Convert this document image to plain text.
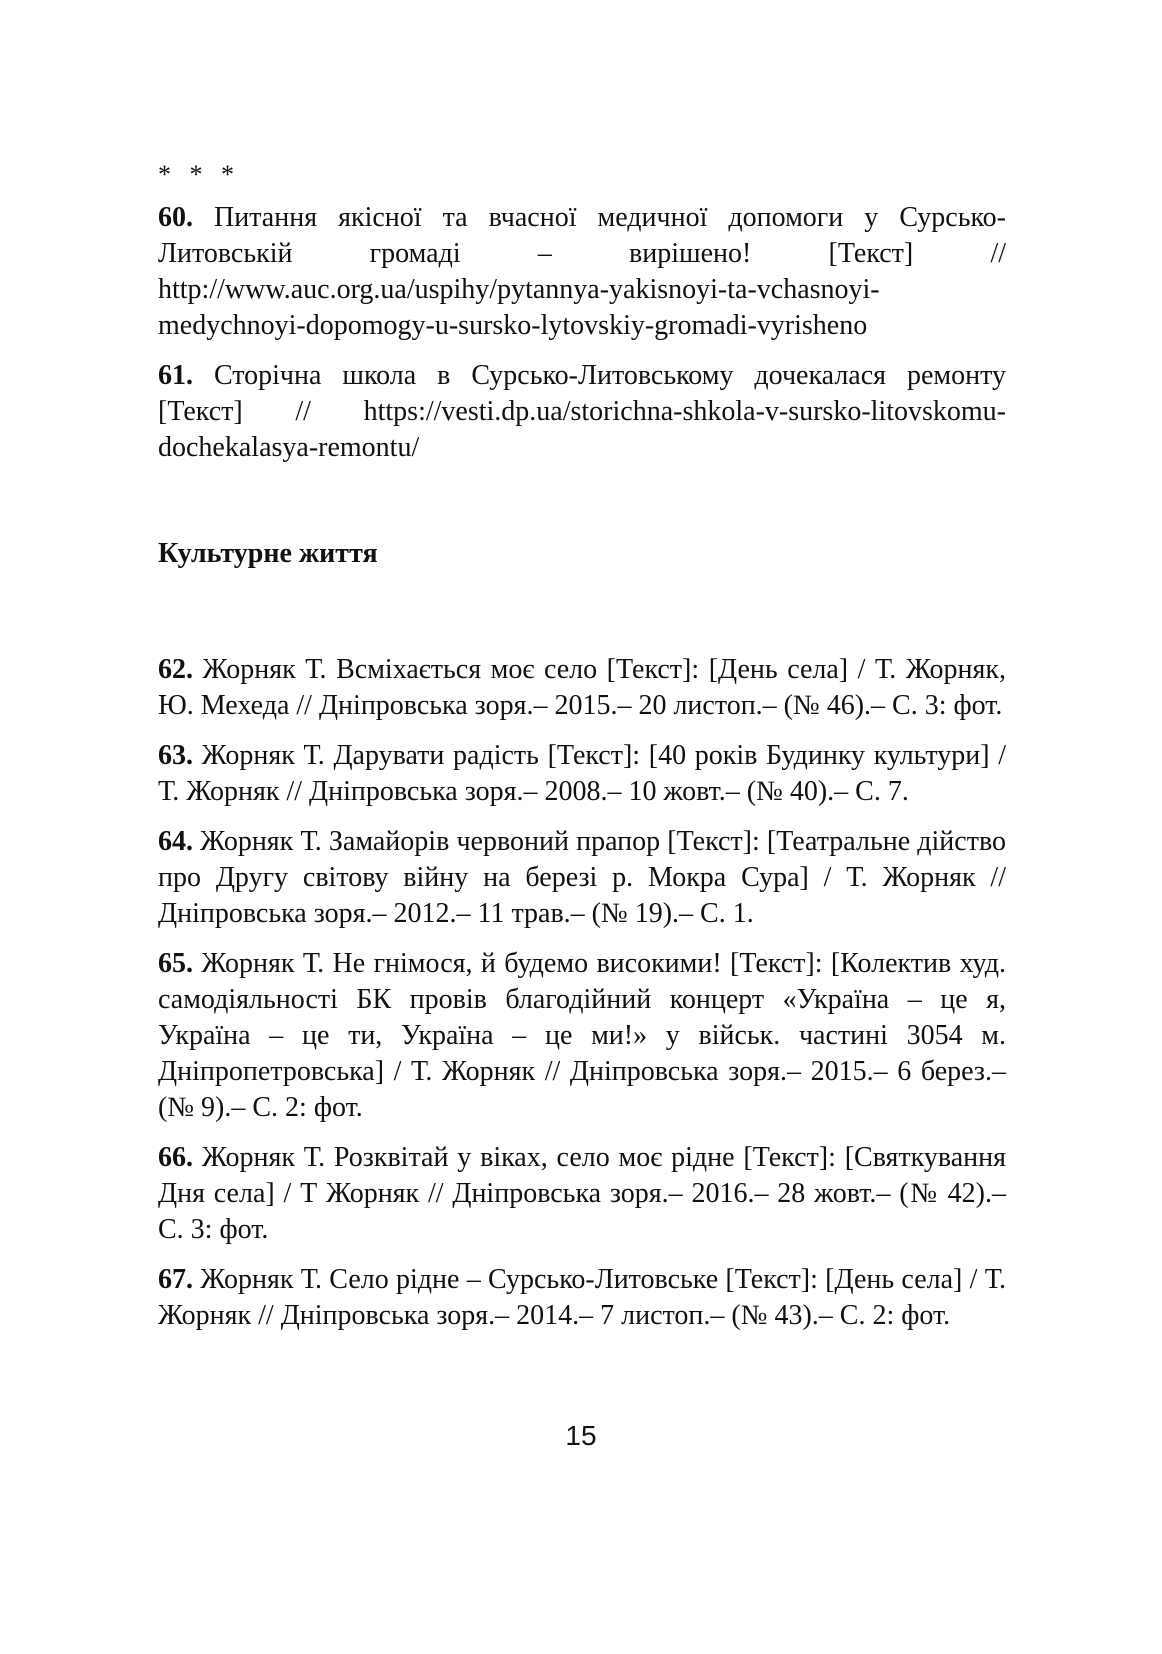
* * *

60. Питання якісної та вчасної медичної допомоги у Сурсько-Литовській громаді – вирішено! [Текст] // http://www.auc.org.ua/uspihy/pytannya-yakisnoyi-ta-vchasnoyi-medychnoyi-dopomogy-u-sursko-lytovskiy-gromadi-vyrisheno

61. Сторічна школа в Сурсько-Литовському дочекалася ремонту [Текст] // https://vesti.dp.ua/storichna-shkola-v-sursko-litovskomu-dochekalasya-remontu/

Культурне життя

62. Жорняк Т. Всміхається моє село [Текст]: [День села] / Т. Жорняк, Ю. Мехеда // Дніпровська зоря.– 2015.– 20 листоп.– (№ 46).– С. 3: фот.

63. Жорняк Т. Дарувати радість [Текст]: [40 років Будинку культури] / Т. Жорняк // Дніпровська зоря.– 2008.– 10 жовт.– (№ 40).– С. 7.

64. Жорняк Т. Замайорів червоний прапор [Текст]: [Театральне дійство про Другу світову війну на березі р. Мокра Сура] / Т. Жорняк // Дніпровська зоря.– 2012.– 11 трав.– (№ 19).– С. 1.

65. Жорняк Т. Не гнімося, й будемо високими! [Текст]: [Колектив худ. самодіяльності БК провів благодійний концерт «Україна – це я, Україна – це ти, Україна – це ми!» у військ. частині 3054 м. Дніпропетровська] / Т. Жорняк // Дніпровська зоря.– 2015.– 6 берез.– (№ 9).– С. 2: фот.

66. Жорняк Т. Розквітай у віках, село моє рідне [Текст]: [Святкування Дня села] / Т Жорняк // Дніпровська зоря.– 2016.– 28 жовт.– (№ 42).– С. 3: фот.

67. Жорняк Т. Село рідне – Сурсько-Литовське [Текст]: [День села] / Т. Жорняк // Дніпровська зоря.– 2014.– 7 листоп.– (№ 43).– С. 2: фот.

15
